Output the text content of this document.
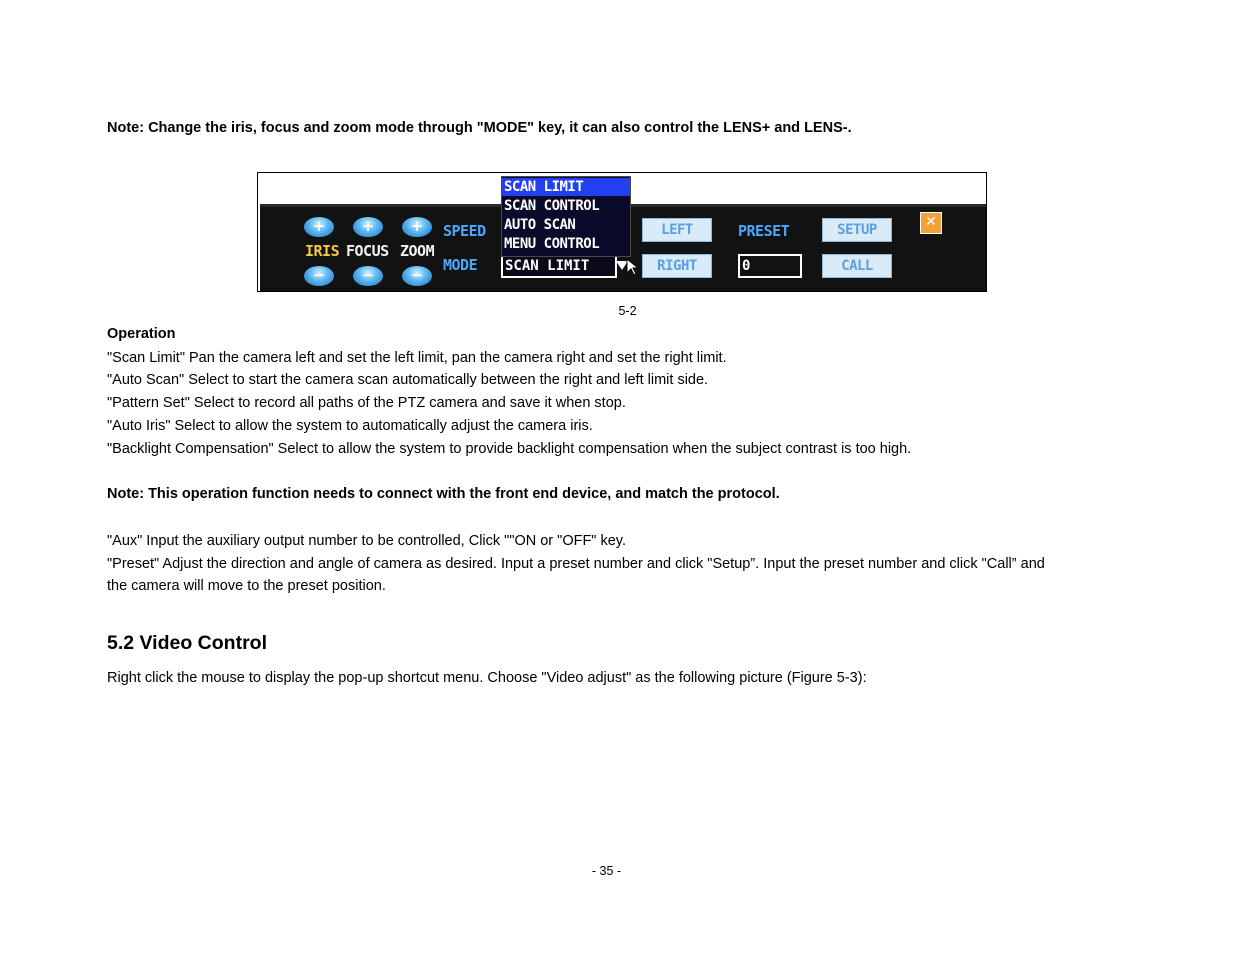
Note: Change the iris, focus and zoom mode through "MODE" key, it can also control the LENS+ and LENS-.
+
IRIS
−
+
FOCUS
−
+
ZOOM
−
SPEED
MODE SCAN LIMIT
LEFT
RIGHT
PRESET
0
SETUP
CALL
✕
SCAN LIMIT
SCAN CONTROL
AUTO SCAN
MENU CONTROL
5-2
Operation
"Scan Limit" Pan the camera left and set the left limit, pan the camera right and set the right limit.
"Auto Scan" Select to start the camera scan automatically between the right and left limit side.
"Pattern Set" Select to record all paths of the PTZ camera and save it when stop.
"Auto Iris" Select to allow the system to automatically adjust the camera iris.
"Backlight Compensation" Select to allow the system to provide backlight compensation when the subject contrast is too high.
Note: This operation function needs to connect with the front end device, and match the protocol.
"Aux" Input the auxiliary output number to be controlled, Click ""ON or "OFF" key.
"Preset" Adjust the direction and angle of camera as desired. Input a preset number and click "Setup”. Input the preset number and click "Call” and
the camera will move to the preset position.
5.2 Video Control
Right click the mouse to display the pop-up shortcut menu. Choose "Video adjust" as the following picture (Figure 5-3):
- 35 -
